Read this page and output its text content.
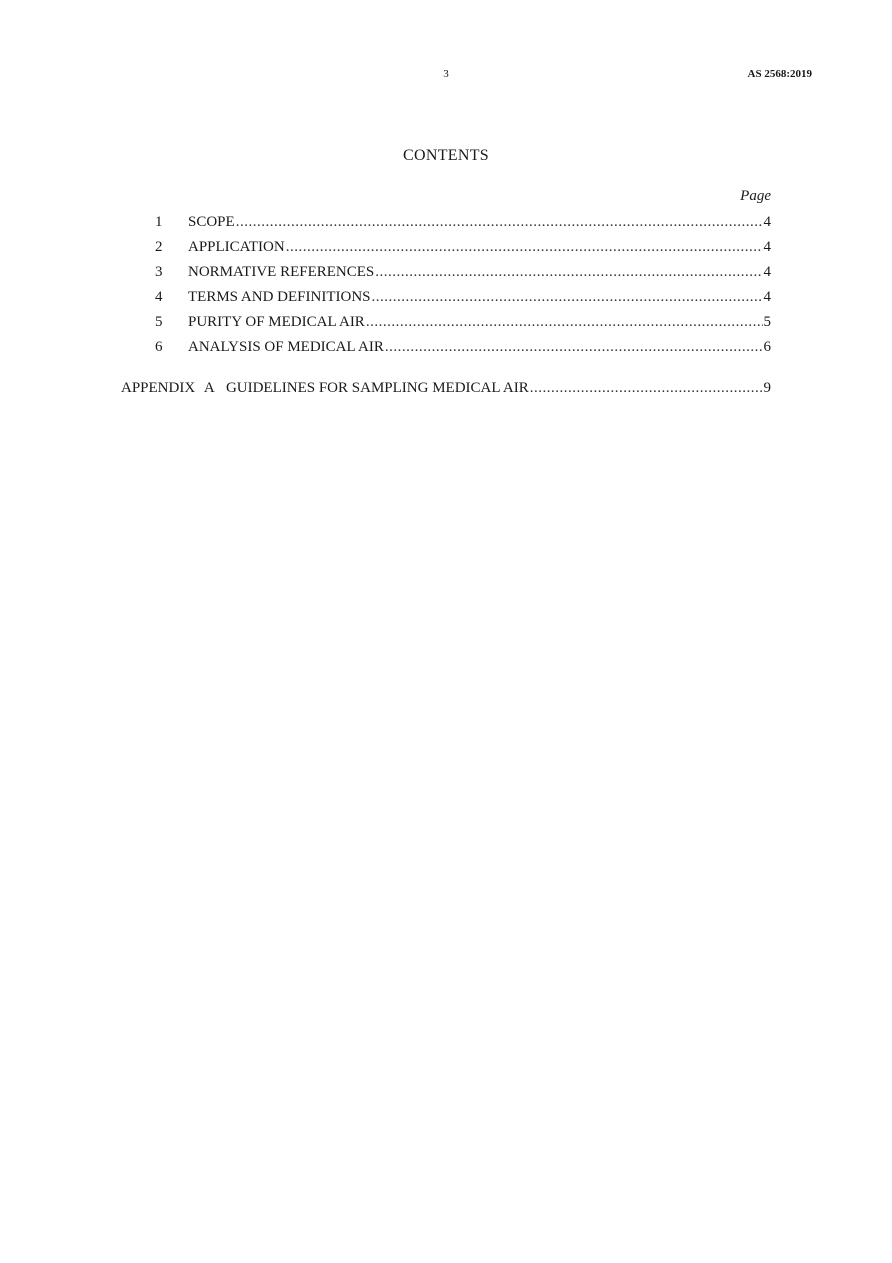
3	AS 2568:2019
CONTENTS
Page
1	SCOPE .....	4
2	APPLICATION .....	4
3	NORMATIVE REFERENCES .....	4
4	TERMS AND DEFINITIONS .....	4
5	PURITY OF MEDICAL AIR .....	5
6	ANALYSIS OF MEDICAL AIR .....	6
APPENDIX  A GUIDELINES FOR SAMPLING MEDICAL AIR .....	9
